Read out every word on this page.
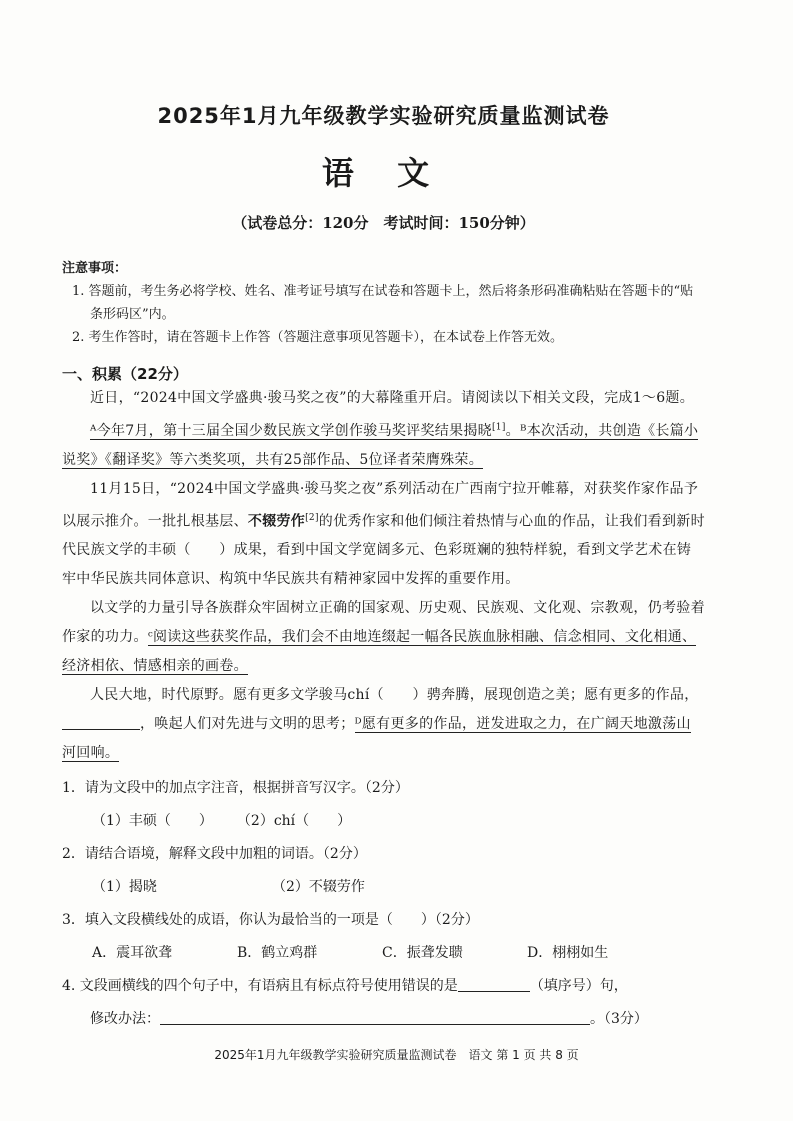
2025年1月九年级教学实验研究质量监测试卷
语 文
（试卷总分：120分　考试时间：150分钟）
注意事项：
1. 答题前，考生务必将学校、姓名、准考证号填写在试卷和答题卡上，然后将条形码准确粘贴在答题卡的“贴条形码区”内。
2. 考生作答时，请在答题卡上作答（答题注意事项见答题卡），在本试卷上作答无效。
一、积累（22分）

近日，“2024中国文学盛典·骏马奖之夜”的大幕隆重开启。请阅读以下相关文段，完成1～6题。

ᴬ今年7月，第十三届全国少数民族文学创作骏马奖评奖结果揭晓[1]。ᴮ本次活动，共创造《长篇小说奖》《翻译奖》等六类奖项，共有25部作品、5位译者荣膺殊荣。

11月15日，“2024中国文学盛典·骏马奖之夜”系列活动在广西南宁拉开帷幕，对获奖作家作品予以展示推介。一批扎根基层、不辍劳作[2]的优秀作家和他们倾注着热情与心血的作品，让我们看到新时代民族文学的丰硕（　　）成果，看到中国文学宽阔多元、色彩斑斓的独特样貌，看到文学艺术在铸牢中华民族共同体意识、构筑中华民族共有精神家园中发挥的重要作用。

以文学的力量引导各族群众牢固树立正确的国家观、历史观、民族观、文化观、宗教观，仍考验着作家的功力。ᶜ阅读这些获奖作品，我们会不由地连缀起一幅各民族血脉相融、信念相同、文化相通、经济相依、情感相亲的画卷。

人民大地，时代原野。愿有更多文学骏马chí（　　）骋奔腾，展现创造之美；愿有更多的作品，，唤起人们对先进与文明的思考；ᴰ愿有更多的作品，迸发进取之力，在广阔天地激荡山河回响。

1．请为文段中的加点字注音，根据拼音写汉字。（2分）

（1）丰硕（　　） （2）chí（　　）

2．请结合语境，解释文段中加粗的词语。（2分）

（1）揭晓	（2）不辍劳作

3．填入文段横线处的成语，你认为最恰当的一项是（　　）（2分）

A．震耳欲聋	B．鹤立鸡群	C．振聋发聩	D．栩栩如生

4. 文段画横线的四个句子中，有语病且有标点符号使用错误的是	（填序号）句，

修改办法：	。（3分）

2025年1月九年级教学实验研究质量监测试卷　语文 第 1 页 共 8 页
